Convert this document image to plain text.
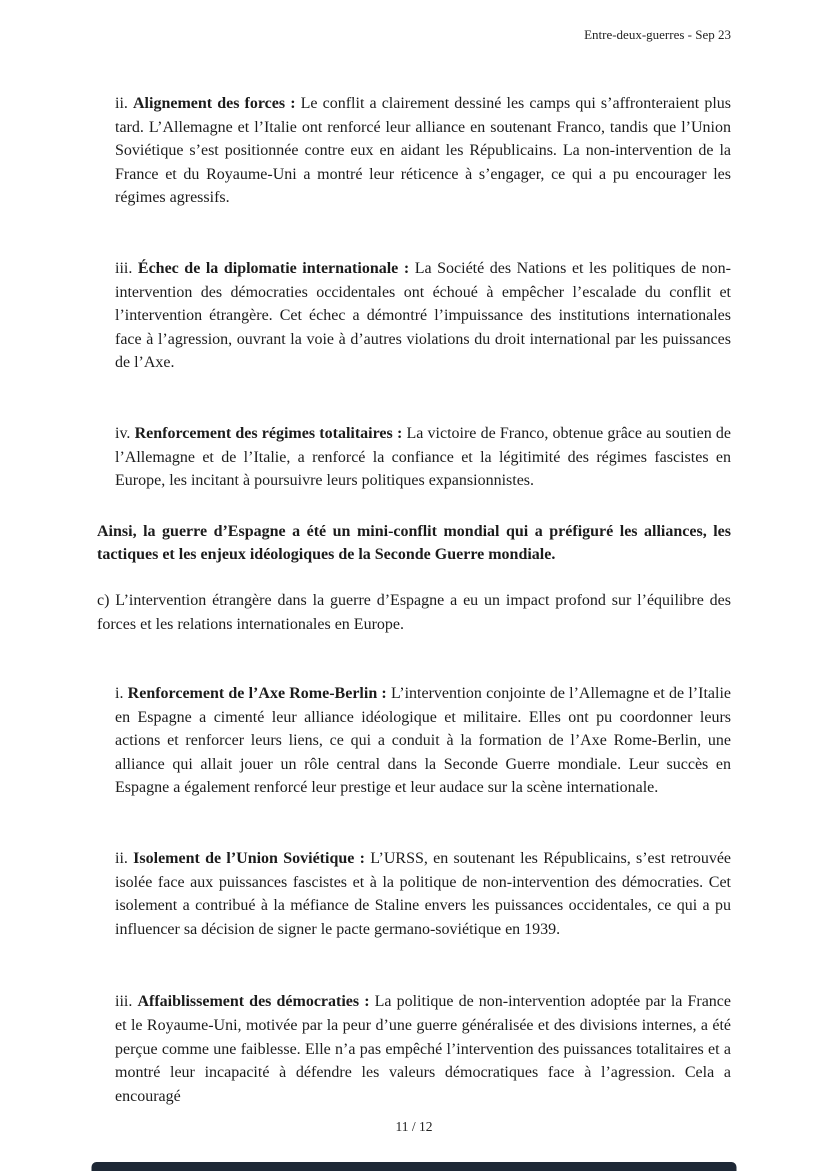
Entre-deux-guerres - Sep 23

ii. Alignement des forces : Le conflit a clairement dessiné les camps qui s’affronteraient plus tard. L’Allemagne et l’Italie ont renforcé leur alliance en soutenant Franco, tandis que l’Union Soviétique s’est positionnée contre eux en aidant les Républicains. La non-intervention de la France et du Royaume-Uni a montré leur réticence à s’engager, ce qui a pu encourager les régimes agressifs.

iii. Échec de la diplomatie internationale : La Société des Nations et les politiques de non-intervention des démocraties occidentales ont échoué à empêcher l’escalade du conflit et l’intervention étrangère. Cet échec a démontré l’impuissance des institutions internationales face à l’agression, ouvrant la voie à d’autres violations du droit international par les puissances de l’Axe.

iv. Renforcement des régimes totalitaires : La victoire de Franco, obtenue grâce au soutien de l’Allemagne et de l’Italie, a renforcé la confiance et la légitimité des régimes fascistes en Europe, les incitant à poursuivre leurs politiques expansionnistes.

Ainsi, la guerre d’Espagne a été un mini-conflit mondial qui a préfiguré les alliances, les tactiques et les enjeux idéologiques de la Seconde Guerre mondiale.

c) L’intervention étrangère dans la guerre d’Espagne a eu un impact profond sur l’équilibre des forces et les relations internationales en Europe.

i. Renforcement de l’Axe Rome-Berlin : L’intervention conjointe de l’Allemagne et de l’Italie en Espagne a cimenté leur alliance idéologique et militaire. Elles ont pu coordonner leurs actions et renforcer leurs liens, ce qui a conduit à la formation de l’Axe Rome-Berlin, une alliance qui allait jouer un rôle central dans la Seconde Guerre mondiale. Leur succès en Espagne a également renforcé leur prestige et leur audace sur la scène internationale.

ii. Isolement de l’Union Soviétique : L’URSS, en soutenant les Républicains, s’est retrouvée isolée face aux puissances fascistes et à la politique de non-intervention des démocraties. Cet isolement a contribué à la méfiance de Staline envers les puissances occidentales, ce qui a pu influencer sa décision de signer le pacte germano-soviétique en 1939.

iii. Affaiblissement des démocraties : La politique de non-intervention adoptée par la France et le Royaume-Uni, motivée par la peur d’une guerre généralisée et des divisions internes, a été perçue comme une faiblesse. Elle n’a pas empêché l’intervention des puissances totalitaires et a montré leur incapacité à défendre les valeurs démocratiques face à l’agression. Cela a encouragé

11 / 12
